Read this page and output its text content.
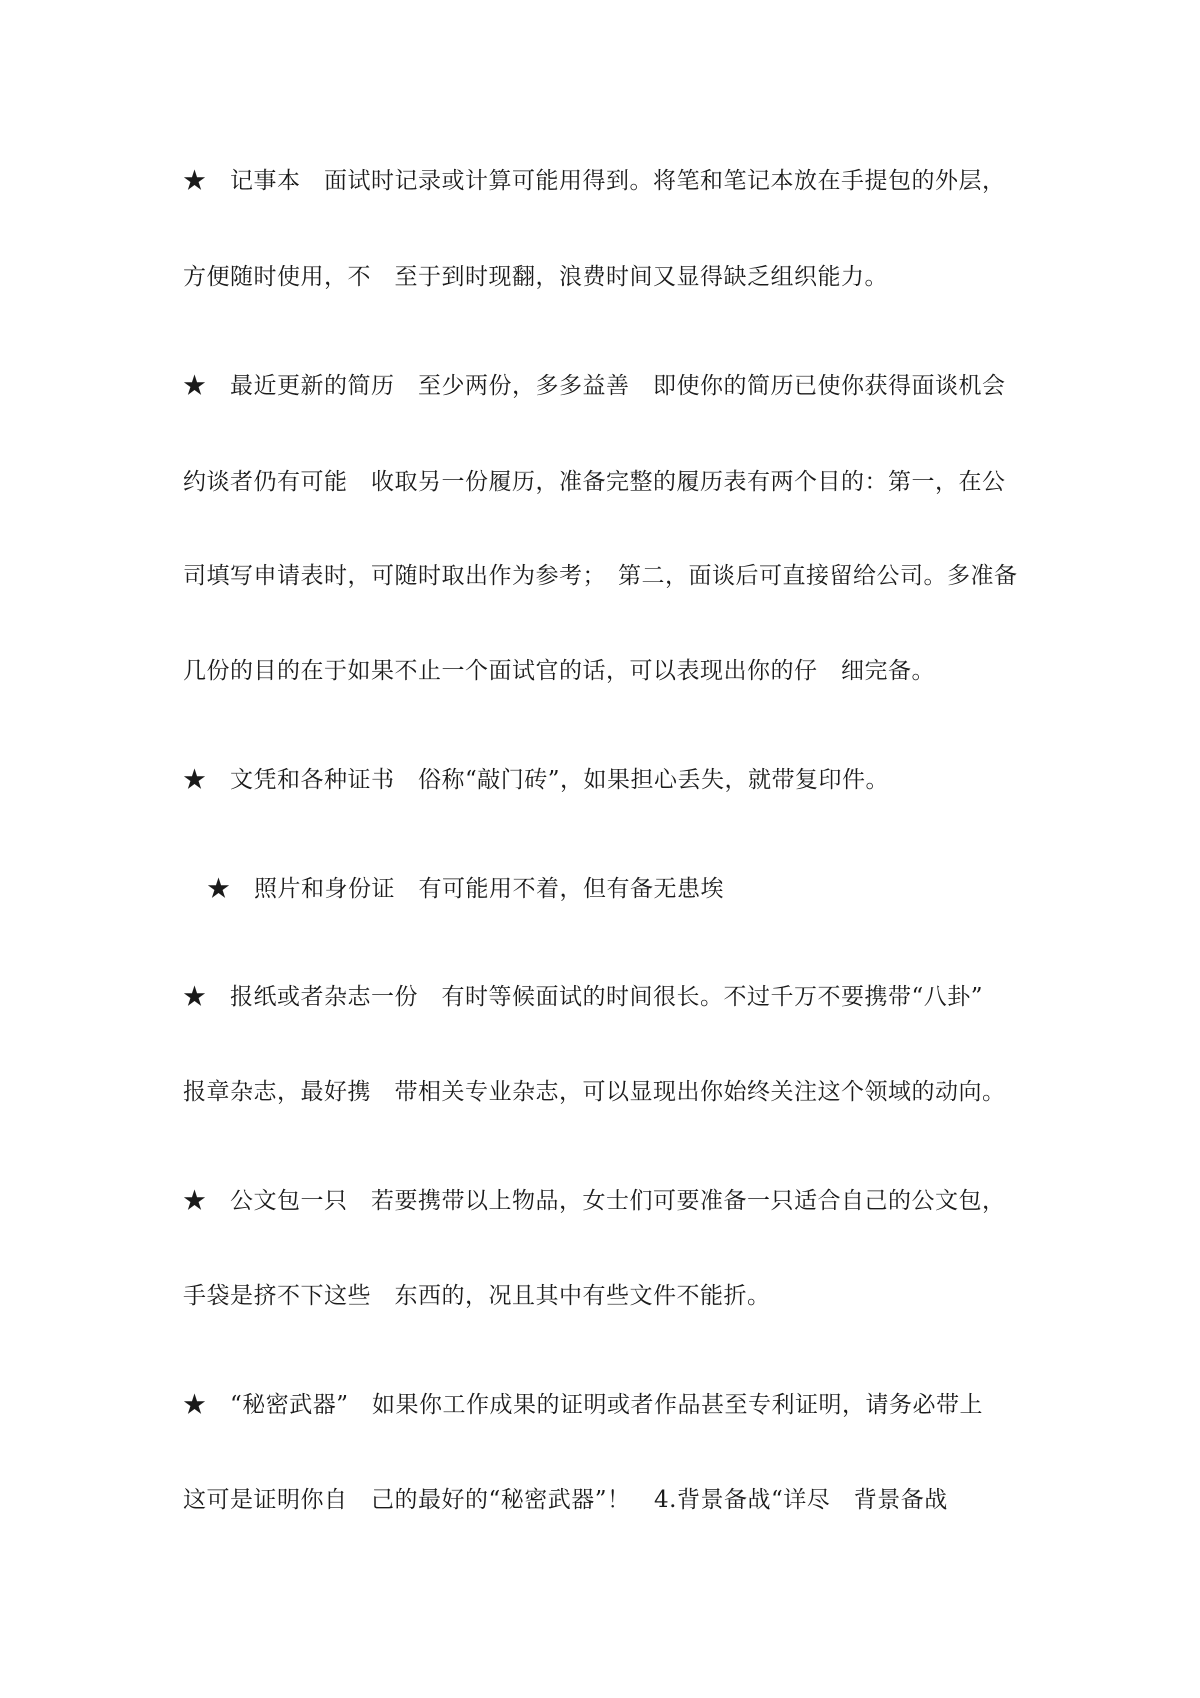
★　记事本　面试时记录或计算可能用得到。将笔和笔记本放在手提包的外层，
方便随时使用，不　至于到时现翻，浪费时间又显得缺乏组织能力。
★　最近更新的简历　至少两份，多多益善　即使你的简历已使你获得面谈机会
约谈者仍有可能　收取另一份履历，准备完整的履历表有两个目的：第一，在公
司填写申请表时，可随时取出作为参考；　第二，面谈后可直接留给公司。多准备
几份的目的在于如果不止一个面试官的话，可以表现出你的仔　细完备。
★　文凭和各种证书　俗称“敲门砖”，如果担心丢失，就带复印件。
★　照片和身份证　有可能用不着，但有备无患埃
★　报纸或者杂志一份　有时等候面试的时间很长。不过千万不要携带“八卦”
报章杂志，最好携　带相关专业杂志，可以显现出你始终关注这个领域的动向。
★　公文包一只　若要携带以上物品，女士们可要准备一只适合自己的公文包，
手袋是挤不下这些　东西的，况且其中有些文件不能折。
★　“秘密武器”　如果你工作成果的证明或者作品甚至专利证明，请务必带上
这可是证明你自　己的最好的“秘密武器”！　4.背景备战“详尽　背景备战
